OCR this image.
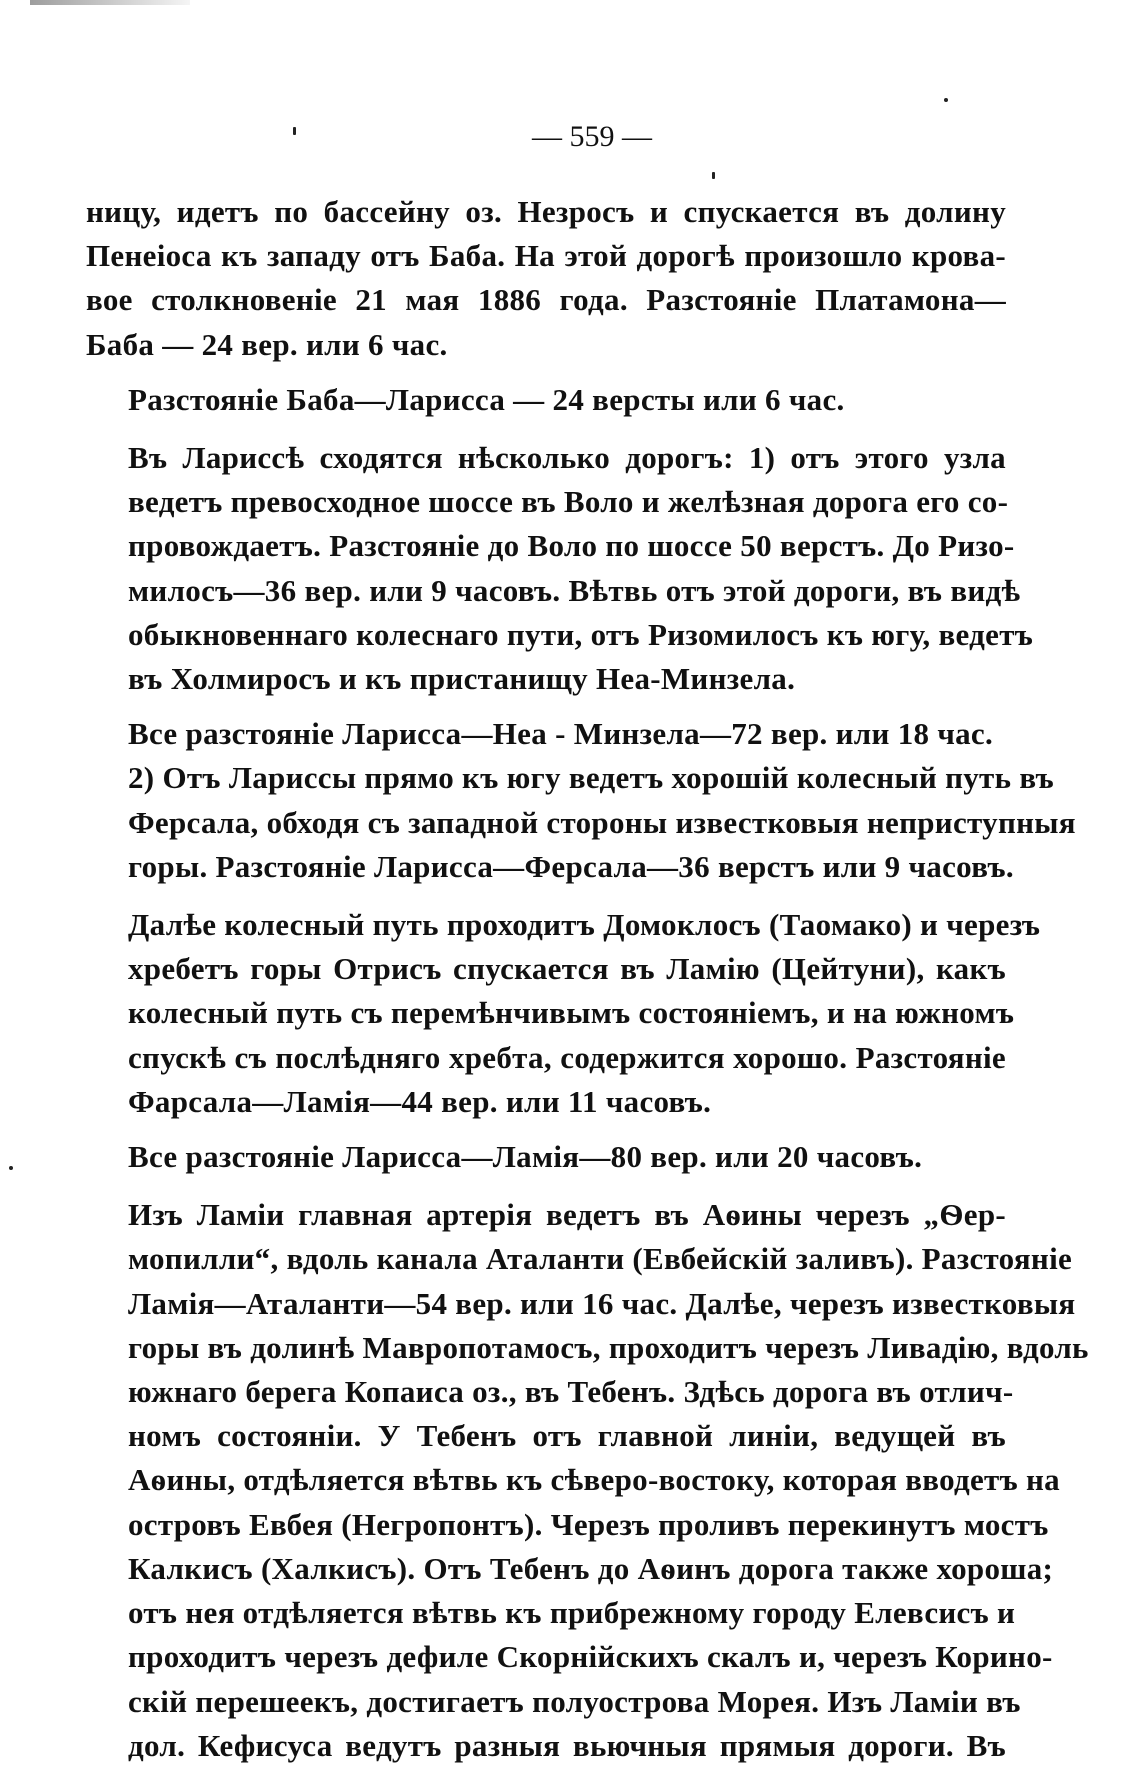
— 559 —

ницу, идетъ по бассейну оз. Незросъ и спускается въ долину
Пенеіоса къ западу отъ Баба. На этой дорогѣ произошло крова-
вое столкновеніе 21 мая 1886 года. Разстояніе Платамона—
Баба — 24 вер. или 6 час.

Разстояніе Баба—Ларисса — 24 версты или 6 час.

Въ Ларисcѣ сходятся нѣсколько дорогъ: 1) отъ этого узла
ведетъ превосходное шоссе въ Воло и желѣзная дорога его со-
провождаетъ. Разстояніе до Воло по шоссе 50 верстъ. До Ризо-
милосъ—36 вер. или 9 часовъ. Вѣтвь отъ этой дороги, въ видѣ
обыкновеннаго колеснаго пути, отъ Ризомилосъ къ югу, ведетъ
въ Холмиросъ и къ пристанищу Неа-Минзела.

Все разстояніе Ларисса—Неа - Минзела—72 вер. или 18 час.

2) Отъ Лариссы прямо къ югу ведетъ хорошій колесный путь въ
Ферсала, обходя съ западной стороны известковыя неприступныя
горы. Разстояніе Ларисса—Ферсала—36 верстъ или 9 часовъ.

Далѣе колесный путь проходитъ Домоклосъ (Таомако) и черезъ
хребетъ горы Отрисъ спускается въ Ламію (Цейтуни), какъ
колесный путь съ перемѣнчивымъ состояніемъ, и на южномъ
спускѣ съ послѣдняго хребта, содержится хорошо. Разстояніе
Фарсала—Ламія—44 вер. или 11 часовъ.

Все разстояніе Ларисса—Ламія—80 вер. или 20 часовъ.

Изъ Ламіи главная артерія ведетъ въ Аѳины черезъ „Ѳер-
мопилли“, вдоль канала Аталанти (Евбейскій заливъ). Разстояніе
Ламія—Аталанти—54 вер. или 16 час. Далѣе, черезъ известковыя
горы въ долинѣ Мавропотамосъ, проходитъ черезъ Ливадію, вдоль
южнаго берега Копаиса оз., въ Тебенъ. Здѣсь дорога въ отлич-
номъ состояніи. У Тебенъ отъ главной линіи, ведущей въ
Аѳины, отдѣляется вѣтвь къ сѣверо-востоку, которая вводетъ на
островъ Евбея (Негропонтъ). Черезъ проливъ перекинутъ мостъ
Калкисъ (Халкисъ). Отъ Тебенъ до Аѳинъ дорога также хороша;
отъ нея отдѣляется вѣтвь къ прибрежному городу Елевсисъ и
проходитъ черезъ дефиле Скорнійскихъ скалъ и, черезъ Корино-
скій перешеекъ, достигаетъ полуострова Морея. Изъ Ламіи въ
дол. Кефисуса ведутъ разныя вьючныя прямыя дороги. Въ
